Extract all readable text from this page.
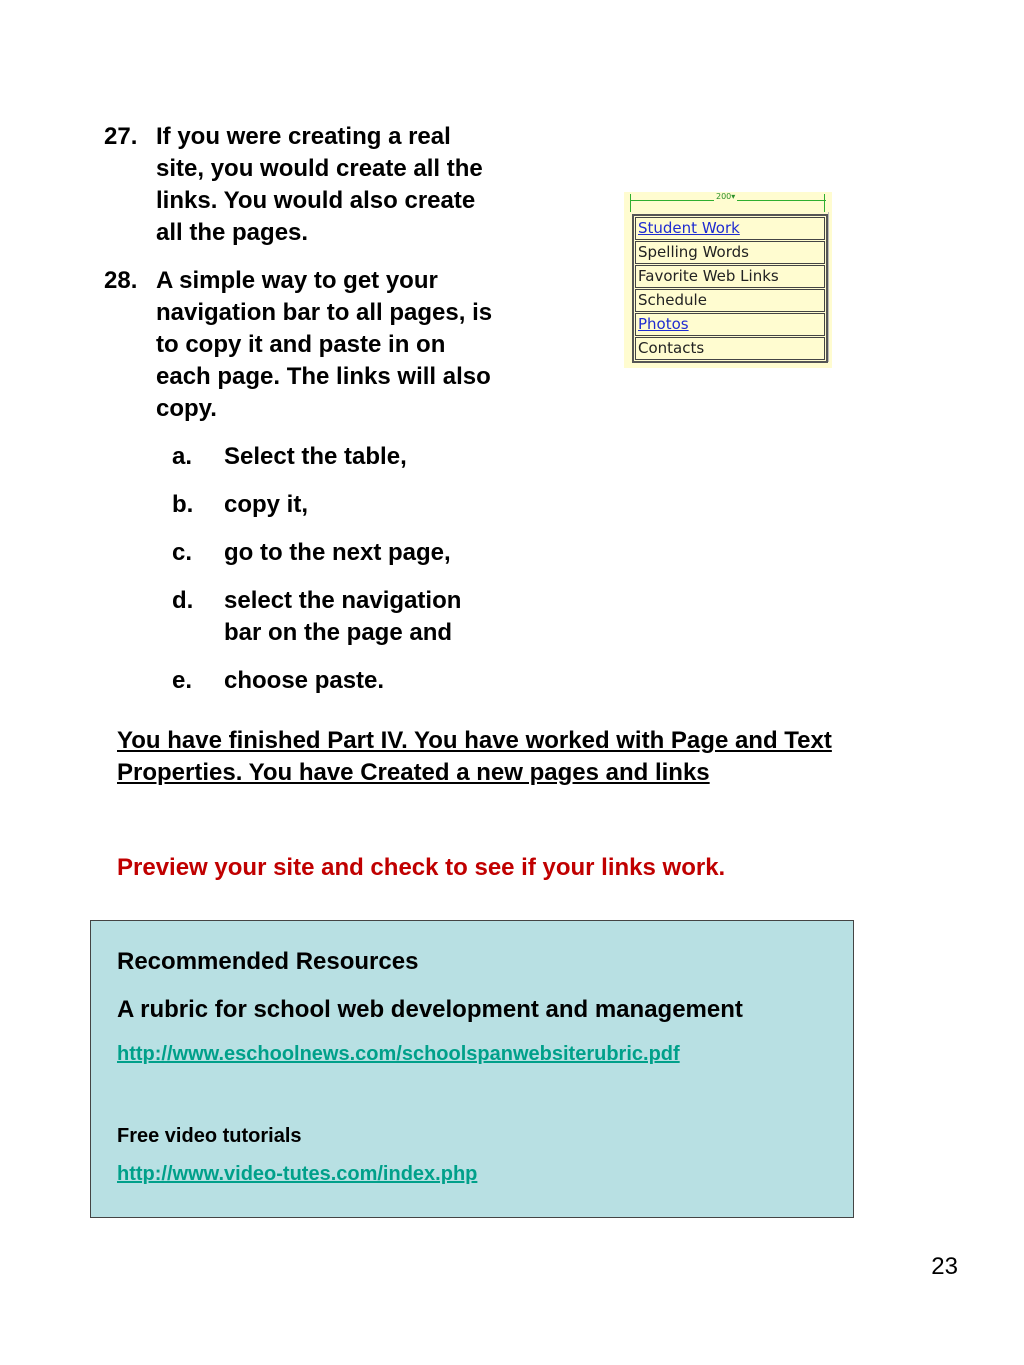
27. If you were creating a real site, you would create all the links. You would also create all the pages.
28. A simple way to get your navigation bar to all pages, is to copy it and paste in on each page. The links will also copy.
a. Select the table,
b. copy it,
c. go to the next page,
d. select the navigation bar on the page and
e. choose paste.
200▾
Student Work
Spelling Words
Favorite Web Links
Schedule
Photos
Contacts
You have finished Part IV. You have worked with Page and Text Properties. You have Created a new pages and links
Preview your site and check to see if your links work.
Recommended Resources
A rubric for school web development and management
http://www.eschoolnews.com/schoolspanwebsiterubric.pdf
Free video tutorials
http://www.video-tutes.com/index.php
23
